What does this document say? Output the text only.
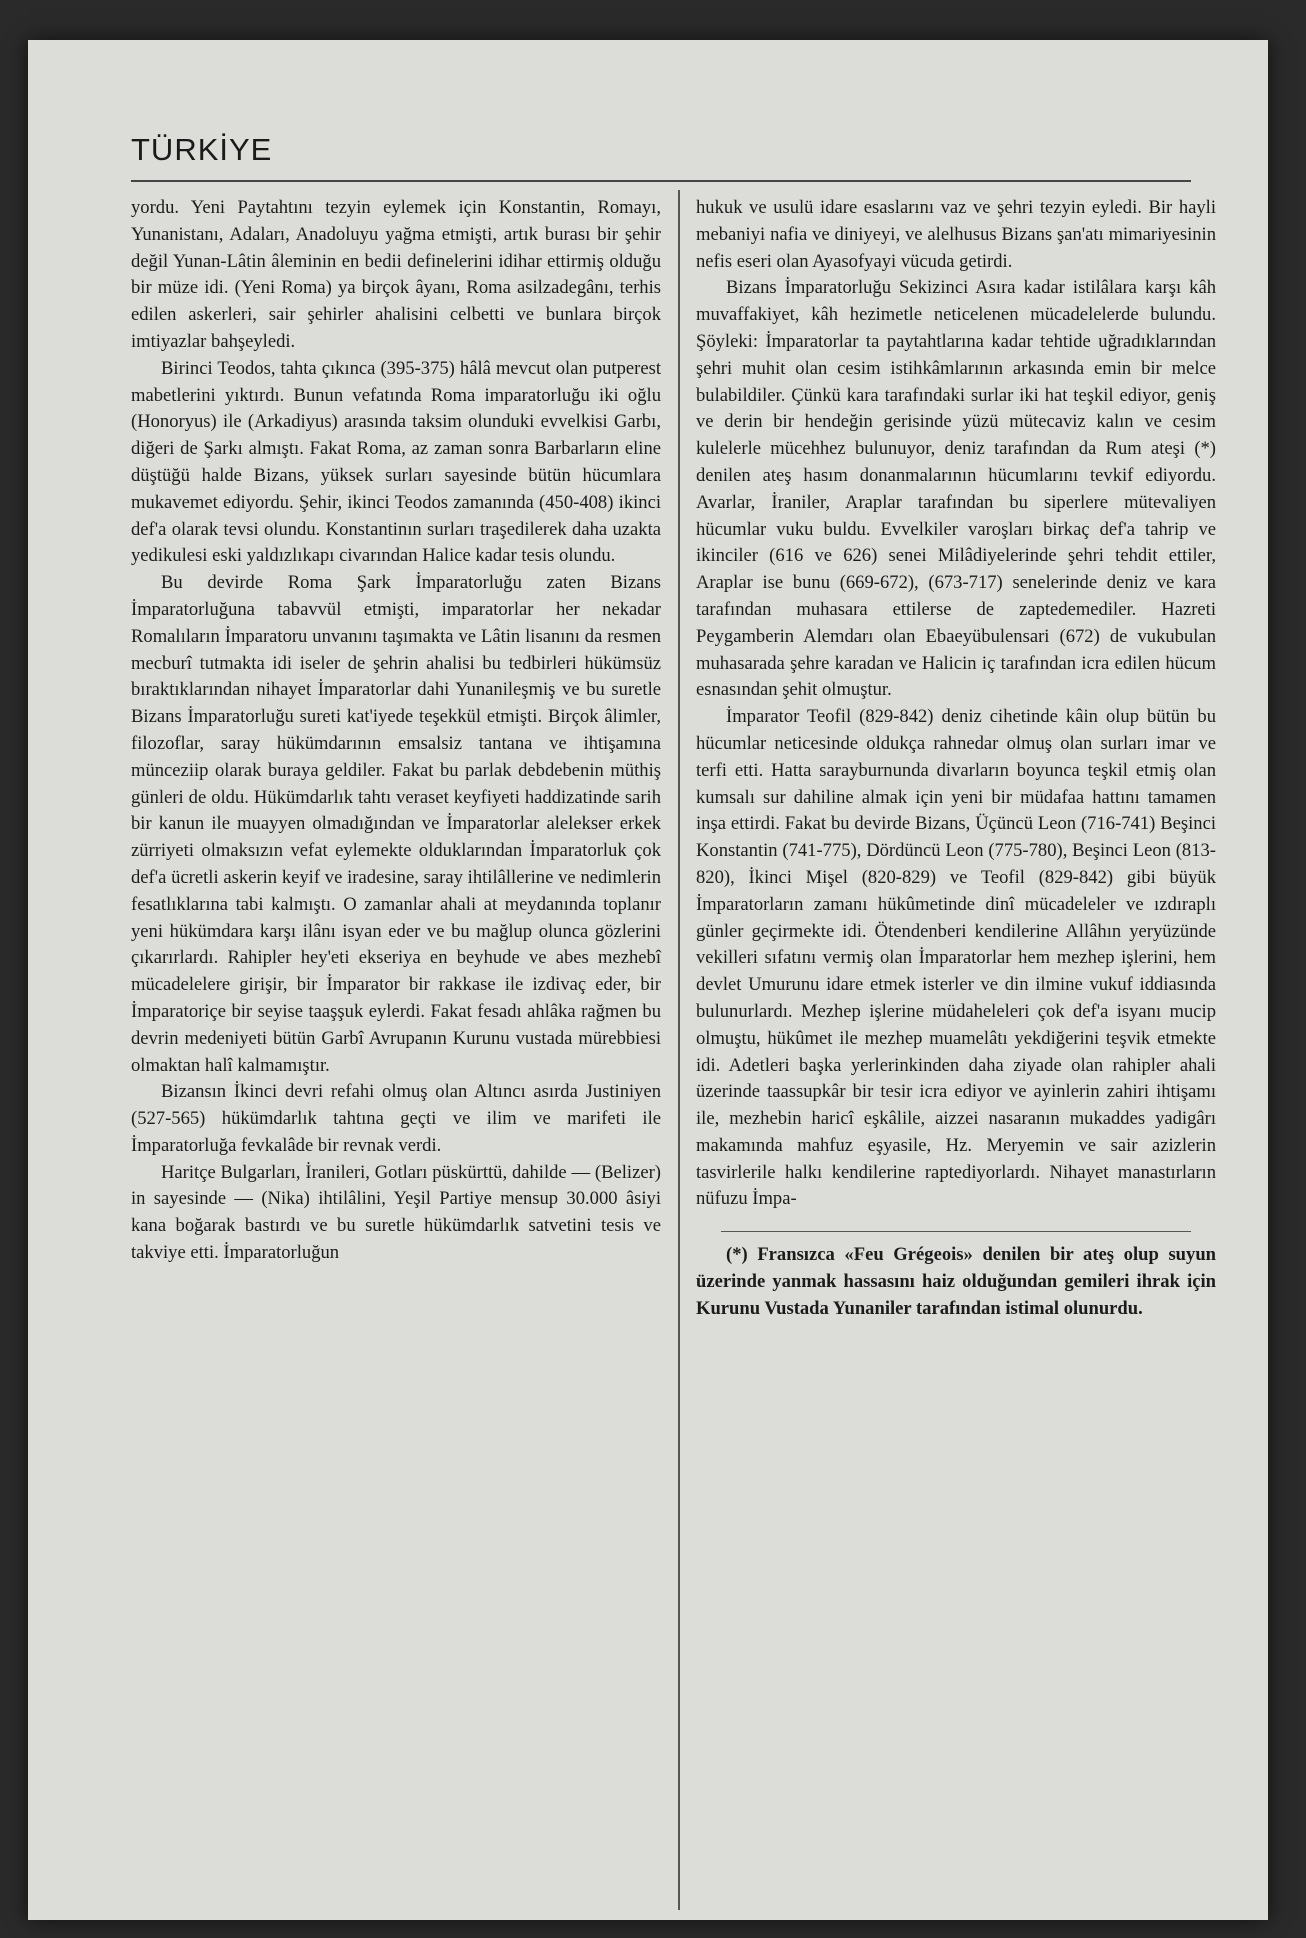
TÜRKİYE

yordu. Yeni Paytahtını tezyin eylemek için Konstantin, Romayı, Yunanistanı, Adaları, Anadoluyu yağma etmişti, artık burası bir şehir değil Yunan-Lâtin âleminin en bedii definelerini idihar ettirmiş olduğu bir müze idi. (Yeni Roma) ya birçok âyanı, Roma asilzadegânı, terhis edilen askerleri, sair şehirler ahalisini celbetti ve bunlara birçok imtiyazlar bahşeyledi.

Birinci Teodos, tahta çıkınca (395-375) hâlâ mevcut olan putperest mabetlerini yıktırdı. Bunun vefatında Roma imparatorluğu iki oğlu (Honoryus) ile (Arkadiyus) arasında taksim olunduki evvelkisi Garbı, diğeri de Şarkı almıştı. Fakat Roma, az zaman sonra Barbarların eline düştüğü halde Bizans, yüksek surları sayesinde bütün hücumlara mukavemet ediyordu. Şehir, ikinci Teodos zamanında (450-408) ikinci def'a olarak tevsi olundu. Konstantinın surları traşedilerek daha uzakta yedikulesi eski yaldızlıkapı civarından Halice kadar tesis olundu.

Bu devirde Roma Şark İmparatorluğu zaten Bizans İmparatorluğuna tabavvül etmişti, imparatorlar her nekadar Romalıların İmparatoru unvanını taşımakta ve Lâtin lisanını da resmen mecburî tutmakta idi iseler de şehrin ahalisi bu tedbirleri hükümsüz bıraktıklarından nihayet İmparatorlar dahi Yunanileşmiş ve bu suretle Bizans İmparatorluğu sureti kat'iyede teşekkül etmişti. Birçok âlimler, filozoflar, saray hükümdarının emsalsiz tantana ve ihtişamına münceziip olarak buraya geldiler. Fakat bu parlak debdebenin müthiş günleri de oldu. Hükümdarlık tahtı veraset keyfiyeti haddizatinde sarih bir kanun ile muayyen olmadığından ve İmparatorlar alelekser erkek zürriyeti olmaksızın vefat eylemekte olduklarından İmparatorluk çok def'a ücretli askerin keyif ve iradesine, saray ihtilâllerine ve nedimlerin fesatlıklarına tabi kalmıştı. O zamanlar ahali at meydanında toplanır yeni hükümdara karşı ilânı isyan eder ve bu mağlup olunca gözlerini çıkarırlardı. Rahipler hey'eti ekseriya en beyhude ve abes mezhebî mücadelelere girişir, bir İmparator bir rakkase ile izdivaç eder, bir İmparatoriçe bir seyise taaşşuk eylerdi. Fakat fesadı ahlâka rağmen bu devrin medeniyeti bütün Garbî Avrupanın Kurunu vustada mürebbiesi olmaktan halî kalmamıştır.

Bizansın İkinci devri refahi olmuş olan Altıncı asırda Justiniyen (527-565) hükümdarlık tahtına geçti ve ilim ve marifeti ile İmparatorluğa fevkalâde bir revnak verdi.

Haritçe Bulgarları, İranileri, Gotları püskürttü, dahilde — (Belizer) in sayesinde — (Nika) ihtilâlini, Yeşil Partiye mensup 30.000 âsiyi kana boğarak bastırdı ve bu suretle hükümdarlık satvetini tesis ve takviye etti. İmparatorluğun

hukuk ve usulü idare esaslarını vaz ve şehri tezyin eyledi. Bir hayli mebaniyi nafia ve diniyeyi, ve alelhusus Bizans şan'atı mimariyesinin nefis eseri olan Ayasofyayi vücuda getirdi.

Bizans İmparatorluğu Sekizinci Asıra kadar istilâlara karşı kâh muvaffakiyet, kâh hezimetle neticelenen mücadelelerde bulundu. Şöyleki: İmparatorlar ta paytahtlarına kadar tehtide uğradıklarından şehri muhit olan cesim istihkâmlarının arkasında emin bir melce bulabildiler. Çünkü kara tarafındaki surlar iki hat teşkil ediyor, geniş ve derin bir hendeğin gerisinde yüzü mütecaviz kalın ve cesim kulelerle mücehhez bulunuyor, deniz tarafından da Rum ateşi (*) denilen ateş hasım donanmalarının hücumlarını tevkif ediyordu. Avarlar, İraniler, Araplar tarafından bu siperlere mütevaliyen hücumlar vuku buldu. Evvelkiler varoşları birkaç def'a tahrip ve ikinciler (616 ve 626) senei Milâdiyelerinde şehri tehdit ettiler, Araplar ise bunu (669-672), (673-717) senelerinde deniz ve kara tarafından muhasara ettilerse de zaptedemediler. Hazreti Peygamberin Alemdarı olan Ebaeyübulensari (672) de vukubulan muhasarada şehre karadan ve Halicin iç tarafından icra edilen hücum esnasından şehit olmuştur.

İmparator Teofil (829-842) deniz cihetinde kâin olup bütün bu hücumlar neticesinde oldukça rahnedar olmuş olan surları imar ve terfi etti. Hatta sarayburnunda divarların boyunca teşkil etmiş olan kumsalı sur dahiline almak için yeni bir müdafaa hattını tamamen inşa ettirdi. Fakat bu devirde Bizans, Üçüncü Leon (716-741) Beşinci Konstantin (741-775), Dördüncü Leon (775-780), Beşinci Leon (813-820), İkinci Mişel (820-829) ve Teofil (829-842) gibi büyük İmparatorların zamanı hükûmetinde dinî mücadeleler ve ızdıraplı günler geçirmekte idi. Ötendenberi kendilerine Allâhın yeryüzünde vekilleri sıfatını vermiş olan İmparatorlar hem mezhep işlerini, hem devlet Umurunu idare etmek isterler ve din ilmine vukuf iddiasında bulunurlardı. Mezhep işlerine müdaheleleri çok def'a isyanı mucip olmuştu, hükûmet ile mezhep muamelâtı yekdiğerini teşvik etmekte idi. Adetleri başka yerlerinkinden daha ziyade olan rahipler ahali üzerinde taassupkâr bir tesir icra ediyor ve ayinlerin zahiri ihtişamı ile, mezhebin haricî eşkâlile, aizzei nasaranın mukaddes yadigârı makamında mahfuz eşyasile, Hz. Meryemin ve sair azizlerin tasvirlerile halkı kendilerine raptediyorlardı. Nihayet manastırların nüfuzu İmpa-

(*) Fransızca «Feu Grégeois» denilen bir ateş olup suyun üzerinde yanmak hassasını haiz olduğundan gemileri ihrak için Kurunu Vustada Yunaniler tarafından istimal olunurdu.
